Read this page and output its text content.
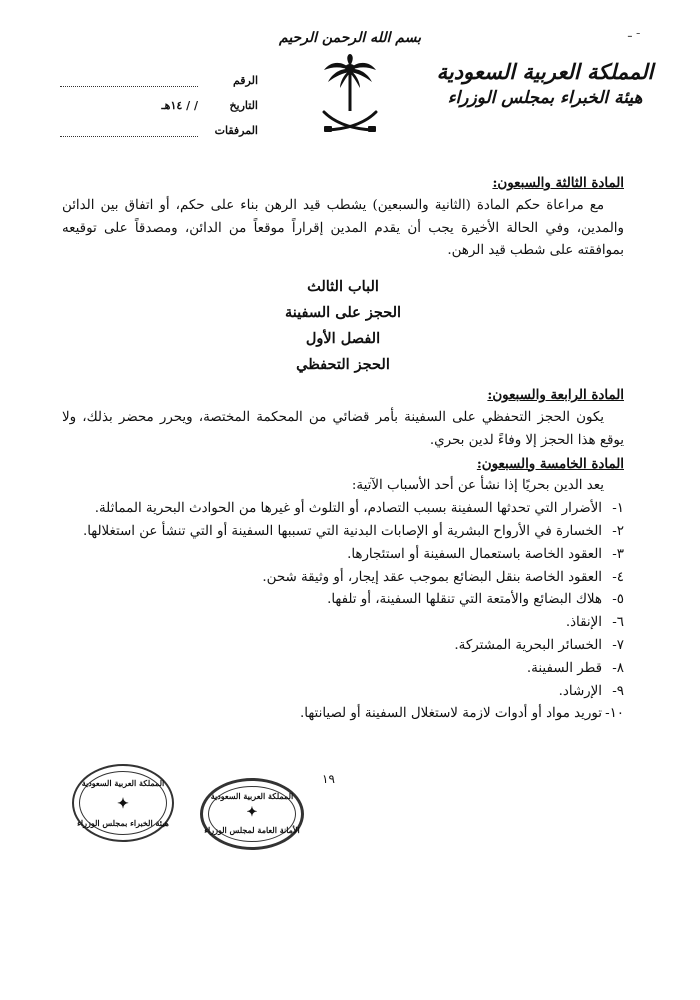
- ـ
بسم الله الرحمن الرحيم
المملكة العربية السعودية
هيئة الخبراء بمجلس الوزراء
الرقم
التاريخ
/ / ١٤هـ
المرفقات

المادة الثالثة والسبعون:

مع مراعاة حكم المادة (الثانية والسبعين) يشطب قيد الرهن بناء على حكم، أو اتفاق بين الدائن والمدين، وفي الحالة الأخيرة يجب أن يقدم المدين إقراراً موقعاً من الدائن، ومصدقاً على توقيعه بموافقته على شطب قيد الرهن.

الباب الثالث
الحجز على السفينة
الفصل الأول
الحجز التحفظي

المادة الرابعة والسبعون:

يكون الحجز التحفظي على السفينة بأمر قضائي من المحكمة المختصة، ويحرر محضر بذلك، ولا يوقع هذا الحجز إلا وفاءً لدين بحري.

المادة الخامسة والسبعون:

يعد الدين بحريًا إذا نشأ عن أحد الأسباب الآتية:

١-الأضرار التي تحدثها السفينة بسبب التصادم، أو التلوث أو غيرها من الحوادث البحرية المماثلة.

٢-الخسارة في الأرواح البشرية أو الإصابات البدنية التي تسببها السفينة أو التي تنشأ عن استغلالها.

٣-العقود الخاصة باستعمال السفينة أو استئجارها.

٤-العقود الخاصة بنقل البضائع بموجب عقد إيجار، أو وثيقة شحن.

٥-هلاك البضائع والأمتعة التي تنقلها السفينة، أو تلفها.

٦-الإنقاذ.

٧-الخسائر البحرية المشتركة.

٨-قطر السفينة.

٩-الإرشاد.

١٠-توريد مواد أو أدوات لازمة لاستغلال السفينة أو لصيانتها.

١٩
المملكة العربية السعودية
✦
هيئة الخبراء بمجلس الوزراء
المملكة العربية السعودية
✦
الأمانة العامة لمجلس الوزراء
